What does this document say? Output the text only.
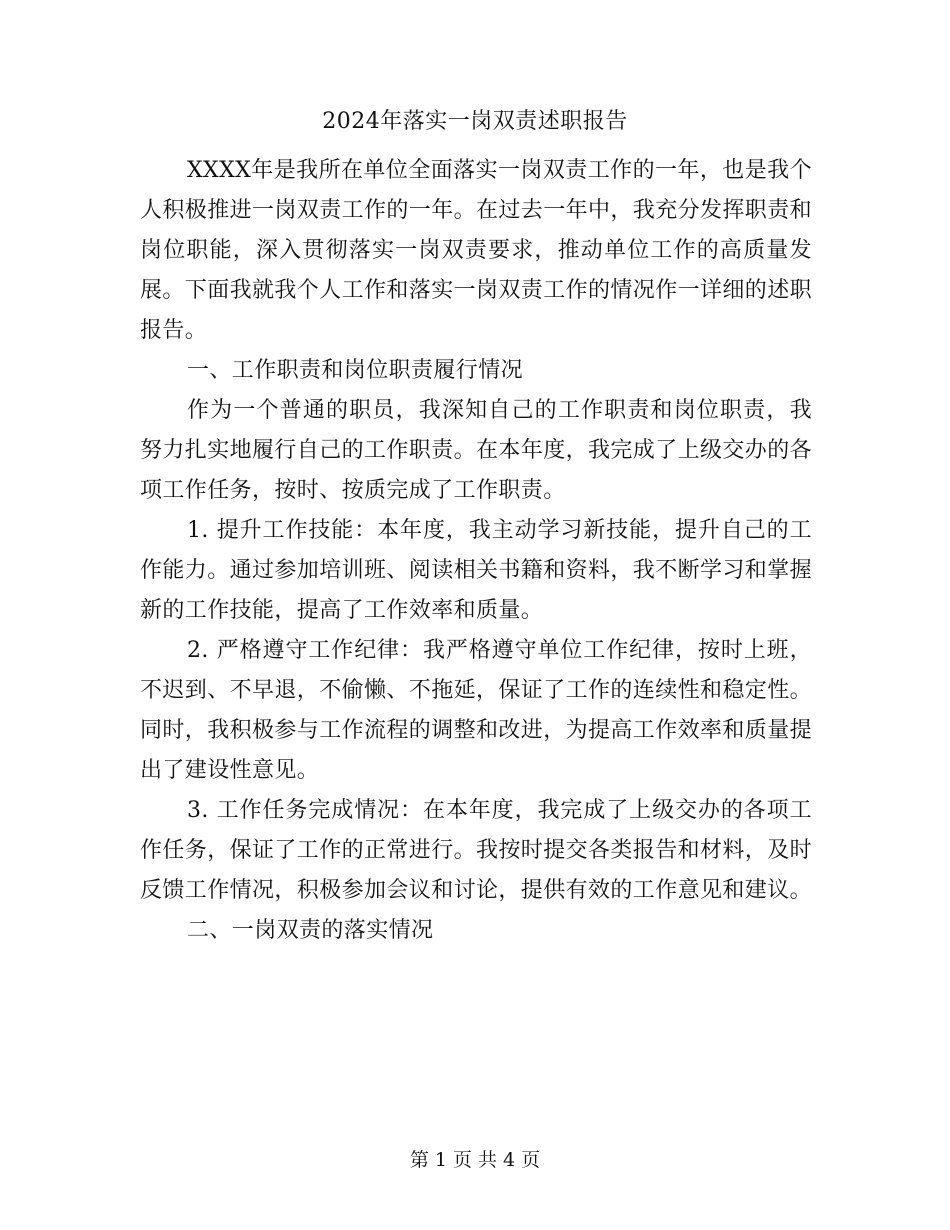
2024年落实一岗双责述职报告

XXXX年是我所在单位全面落实一岗双责工作的一年，也是我个人积极推进一岗双责工作的一年。在过去一年中，我充分发挥职责和岗位职能，深入贯彻落实一岗双责要求，推动单位工作的高质量发展。下面我就我个人工作和落实一岗双责工作的情况作一详细的述职报告。

一、工作职责和岗位职责履行情况

作为一个普通的职员，我深知自己的工作职责和岗位职责，我努力扎实地履行自己的工作职责。在本年度，我完成了上级交办的各项工作任务，按时、按质完成了工作职责。

1. 提升工作技能：本年度，我主动学习新技能，提升自己的工作能力。通过参加培训班、阅读相关书籍和资料，我不断学习和掌握新的工作技能，提高了工作效率和质量。

2. 严格遵守工作纪律：我严格遵守单位工作纪律，按时上班，不迟到、不早退，不偷懒、不拖延，保证了工作的连续性和稳定性。同时，我积极参与工作流程的调整和改进，为提高工作效率和质量提出了建设性意见。

3. 工作任务完成情况：在本年度，我完成了上级交办的各项工作任务，保证了工作的正常进行。我按时提交各类报告和材料，及时反馈工作情况，积极参加会议和讨论，提供有效的工作意见和建议。

二、一岗双责的落实情况

第 1 页 共 4 页
